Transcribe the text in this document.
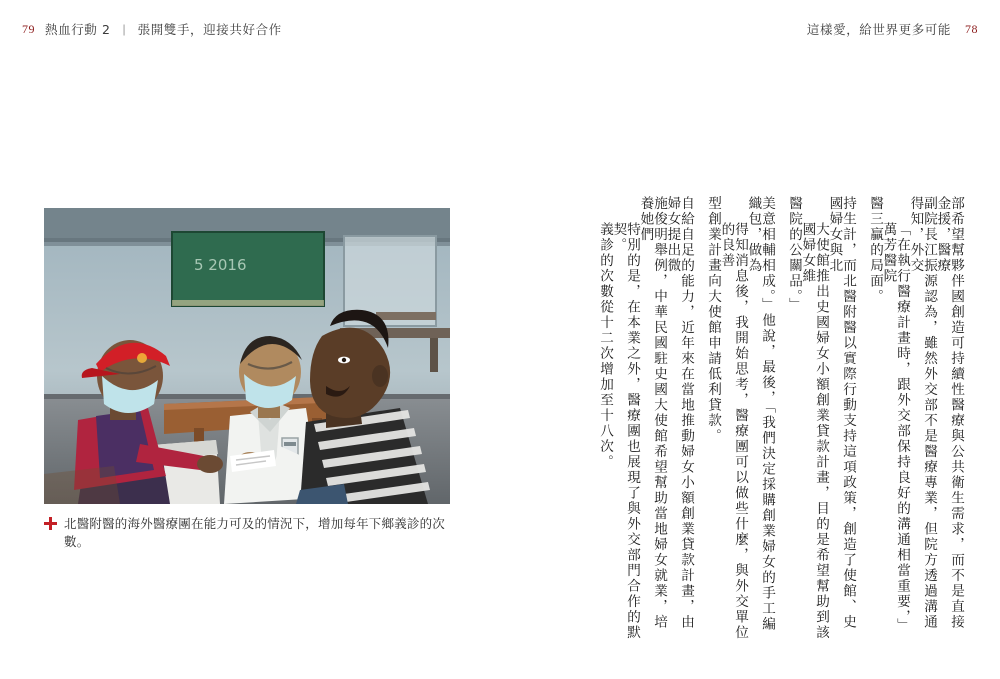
79 熱血行動 2 | 張開雙手，迎接共好合作	這樣愛，給世界更多可能 78
5 2016
北醫附醫的海外醫療團在能力可及的情況下，增加每年下鄉義診的次數。
義診的次數從十二次增加至十八次。 特別的是，在本業之外，醫療團也展現了與外交部門合作的默契。	施俊明舉例，中華民國駐史國大使館希望幫助當地婦女就業，培養她們	自給自足的能力，近年來在當地推動婦女小額創業貸款計畫，由婦女提出微	型創業計畫向大使館申請低利貸款。 得知消息後，我開始思考，醫療團可以做些什麼，與外交單位的良善	美意相輔相成。」他說，最後，「我們決定採購創業婦女的手工編織包，做為	醫院的公關品。」 大使館推出史國婦女小額創業貸款計畫，目的是希望幫助到該國婦女維	持生計，而北醫附醫以實際行動支持這項政策，創造了使館、史國婦女與北	醫三贏的局面。 「在執行醫療計畫時，跟外交部保持良好的溝通相當重要，」萬芳醫院	副院長江振源認為，雖然外交部不是醫療專業，但院方透過溝通得知，外交	部希望幫夥伴國創造可持續性醫療與公共衛生需求，而不是直接金援，醫療
